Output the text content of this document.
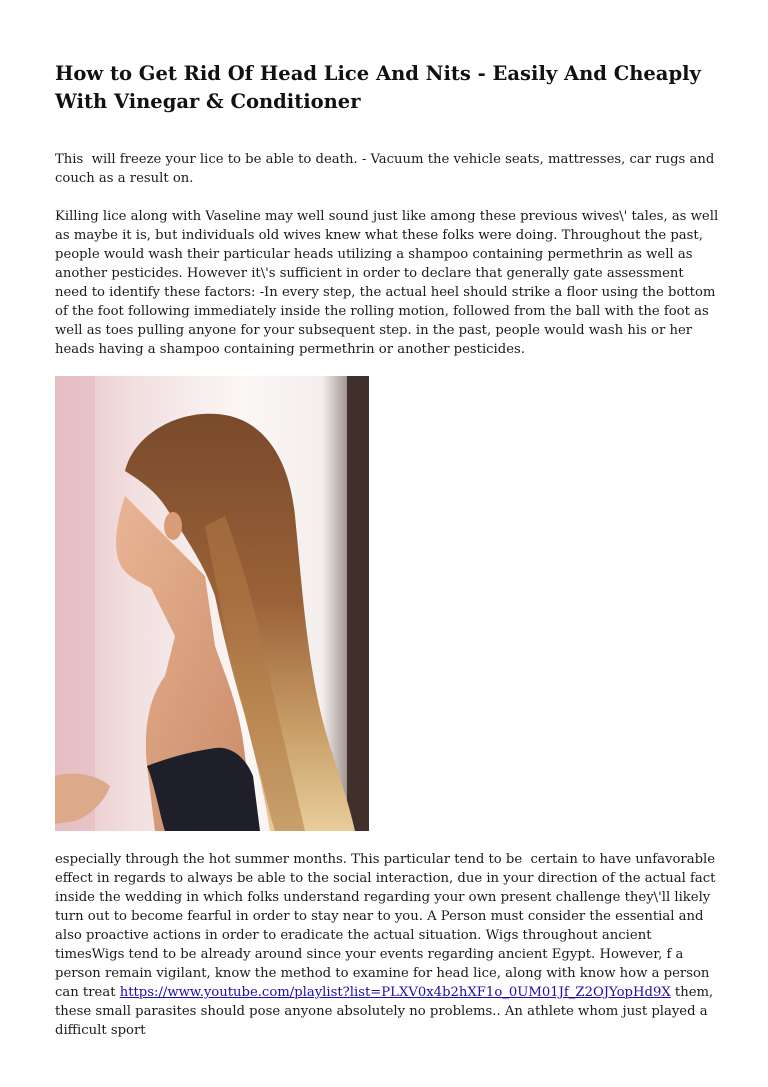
How to Get Rid Of Head Lice And Nits - Easily And Cheaply With Vinegar & Conditioner

This  will freeze your lice to be able to death. - Vacuum the vehicle seats, mattresses, car rugs and couch as a result on.

Killing lice along with Vaseline may well sound just like among these previous wives\' tales, as well as maybe it is, but individuals old wives knew what these folks were doing. Throughout the past, people would wash their particular heads utilizing a shampoo containing permethrin as well as another pesticides. However it\'s sufficient in order to declare that generally gate assessment need to identify these factors: -In every step, the actual heel should strike a floor using the bottom of the foot following immediately inside the rolling motion, followed from the ball with the foot as well as toes pulling anyone for your subsequent step. in the past, people would wash his or her heads having a shampoo containing permethrin or another pesticides.

especially through the hot summer months. This particular tend to be  certain to have unfavorable effect in regards to always be able to the social interaction, due in your direction of the actual fact inside the wedding in which folks understand regarding your own present challenge they\'ll likely turn out to become fearful in order to stay near to you. A Person must consider the essential and also proactive actions in order to eradicate the actual situation. Wigs throughout ancient timesWigs tend to be already around since your events regarding ancient Egypt. However, f a person remain vigilant, know the method to examine for head lice, along with know how a person can treat https://www.youtube.com/playlist?list=PLXV0x4b2hXF1o_0UM01Jf_Z2OJYopHd9X them, these small parasites should pose anyone absolutely no problems.. An athlete whom just played a difficult sport
